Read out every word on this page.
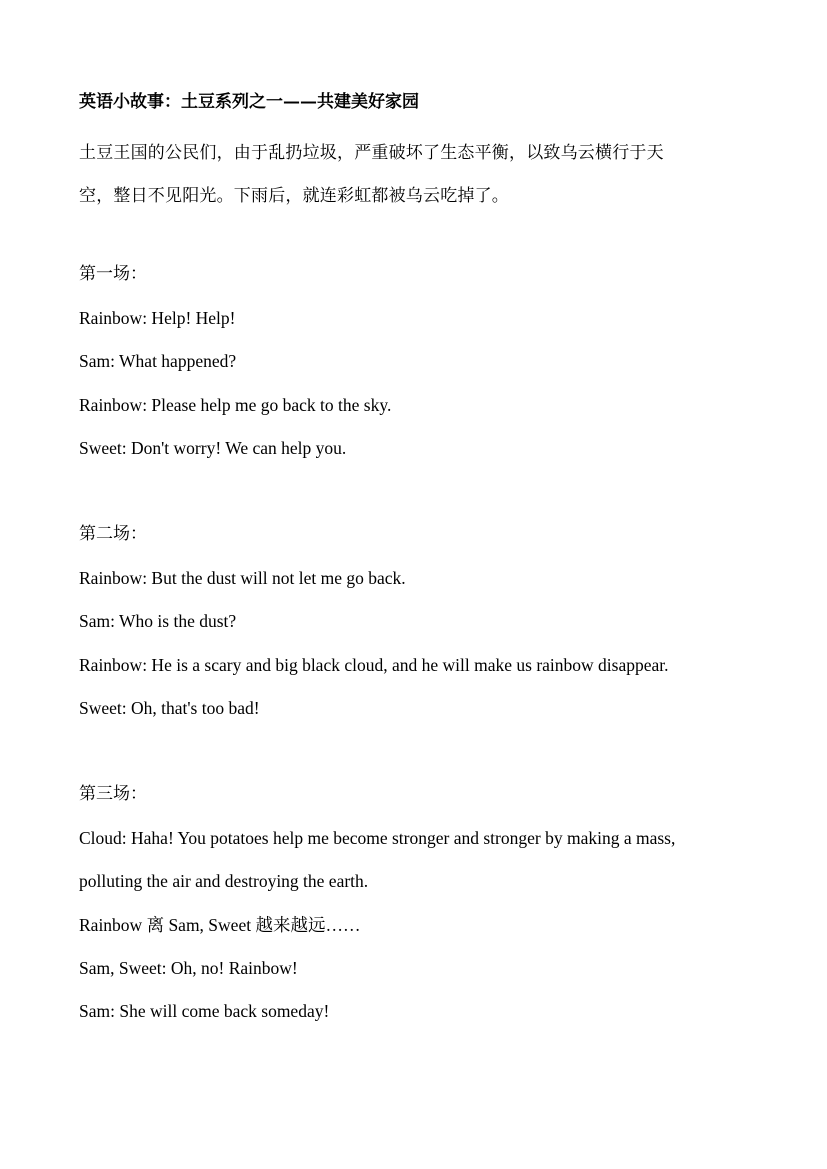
英语小故事：土豆系列之一——共建美好家园
土豆王国的公民们，由于乱扔垃圾，严重破坏了生态平衡，以致乌云横行于天
空，整日不见阳光。下雨后，就连彩虹都被乌云吃掉了。
第一场：
Rainbow: Help! Help!
Sam: What happened?
Rainbow: Please help me go back to the sky.
Sweet: Don't worry! We can help you.
第二场：
Rainbow: But the dust will not let me go back.
Sam: Who is the dust?
Rainbow: He is a scary and big black cloud, and he will make us rainbow disappear.
Sweet: Oh, that's too bad!
第三场：
Cloud: Haha! You potatoes help me become stronger and stronger by making a mass,
polluting the air and destroying the earth.
Rainbow 离 Sam, Sweet 越来越远……
Sam, Sweet: Oh, no! Rainbow!
Sam: She will come back someday!
